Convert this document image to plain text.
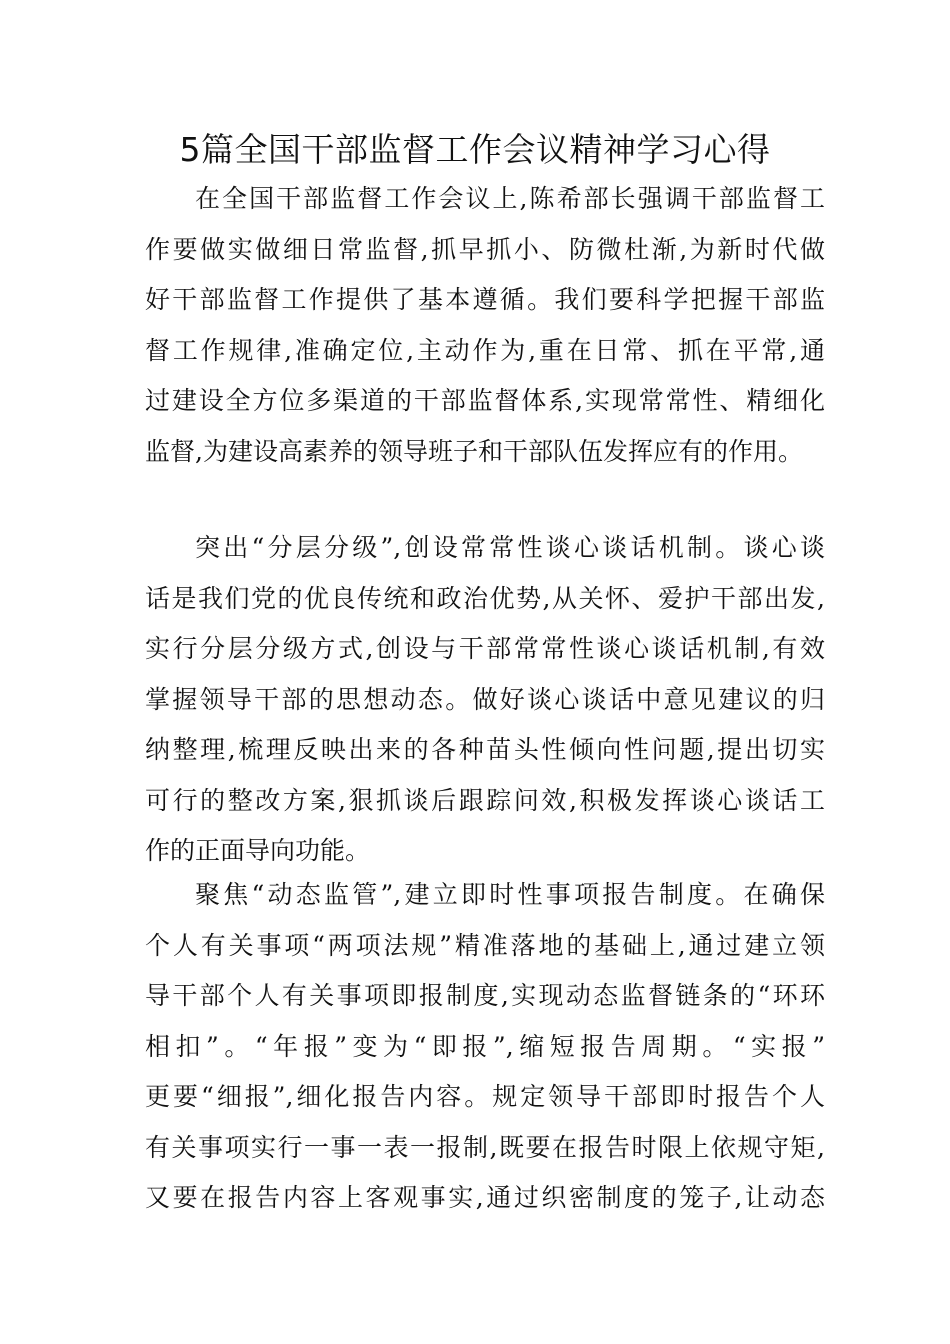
5篇全国干部监督工作会议精神学习心得
在全国干部监督工作会议上,陈希部长强调干部监督工
作要做实做细日常监督,抓早抓小、防微杜渐,为新时代做
好干部监督工作提供了基本遵循。我们要科学把握干部监
督工作规律,准确定位,主动作为,重在日常、抓在平常,通
过建设全方位多渠道的干部监督体系,实现常常性、精细化
监督,为建设高素养的领导班子和干部队伍发挥应有的作用。
突出“分层分级”,创设常常性谈心谈话机制。谈心谈
话是我们党的优良传统和政治优势,从关怀、爱护干部出发,
实行分层分级方式,创设与干部常常性谈心谈话机制,有效
掌握领导干部的思想动态。做好谈心谈话中意见建议的归
纳整理,梳理反映出来的各种苗头性倾向性问题,提出切实
可行的整改方案,狠抓谈后跟踪问效,积极发挥谈心谈话工
作的正面导向功能。
聚焦“动态监管”,建立即时性事项报告制度。在确保
个人有关事项“两项法规”精准落地的基础上,通过建立领
导干部个人有关事项即报制度,实现动态监督链条的“环环
相扣”。“年报”变为“即报”,缩短报告周期。“实报”
更要“细报”,细化报告内容。规定领导干部即时报告个人
有关事项实行一事一表一报制,既要在报告时限上依规守矩,
又要在报告内容上客观事实,通过织密制度的笼子,让动态
